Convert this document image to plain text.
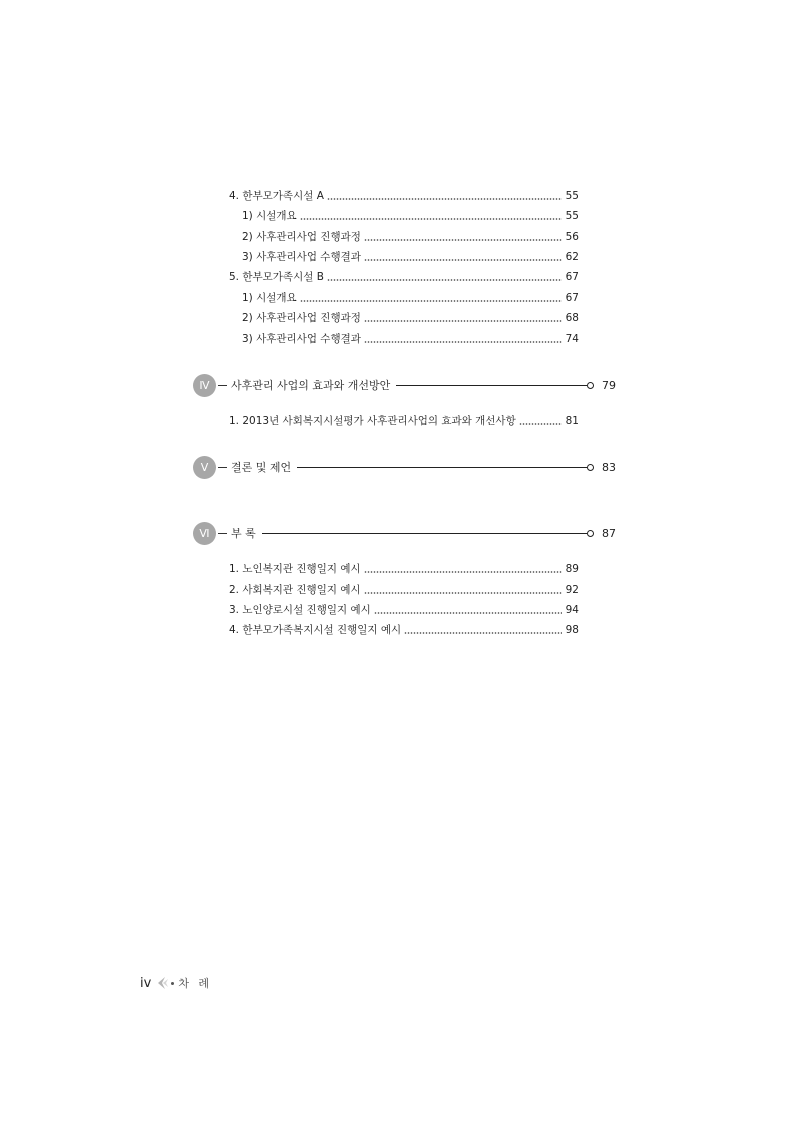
4. 한부모가족시설 A	55
1) 시설개요	55
2) 사후관리사업 진행과정	56
3) 사후관리사업 수행결과	62
5. 한부모가족시설 B	67
1) 시설개요	67
2) 사후관리사업 진행과정	68
3) 사후관리사업 수행결과	74
Ⅳ	사후관리 사업의 효과와 개선방안	79
1. 2013년 사회복지시설평가 사후관리사업의 효과와 개선사항	81
Ⅴ	결론 및 제언	83
Ⅵ	부 록	87
1. 노인복지관 진행일지 예시	89
2. 사회복지관 진행일지 예시	92
3. 노인양로시설 진행일지 예시	94
4. 한부모가족복지시설 진행일지 예시	98
iv 차 례
